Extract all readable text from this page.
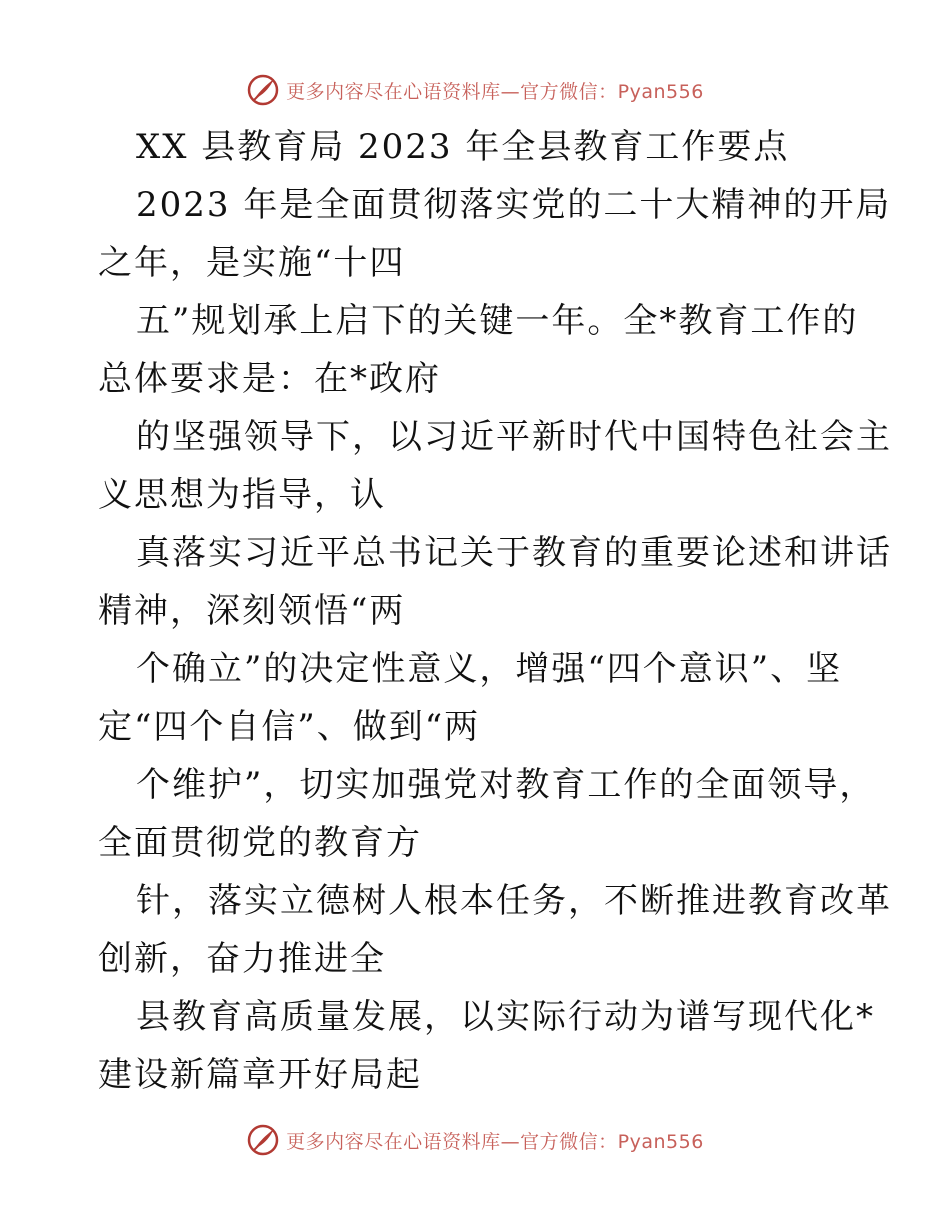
更多内容尽在心语资料库—官方微信：Pyan556
XX 县教育局 2023 年全县教育工作要点
2023 年是全面贯彻落实党的二十大精神的开局
之年，是实施“十四
五”规划承上启下的关键一年。全*教育工作的
总体要求是：在*政府
的坚强领导下，以习近平新时代中国特色社会主
义思想为指导，认
真落实习近平总书记关于教育的重要论述和讲话
精神，深刻领悟“两
个确立”的决定性意义，增强“四个意识”、坚
定“四个自信”、做到“两
个维护”，切实加强党对教育工作的全面领导，
全面贯彻党的教育方
针，落实立德树人根本任务，不断推进教育改革
创新，奋力推进全
县教育高质量发展，以实际行动为谱写现代化*
建设新篇章开好局起
更多内容尽在心语资料库—官方微信：Pyan556
